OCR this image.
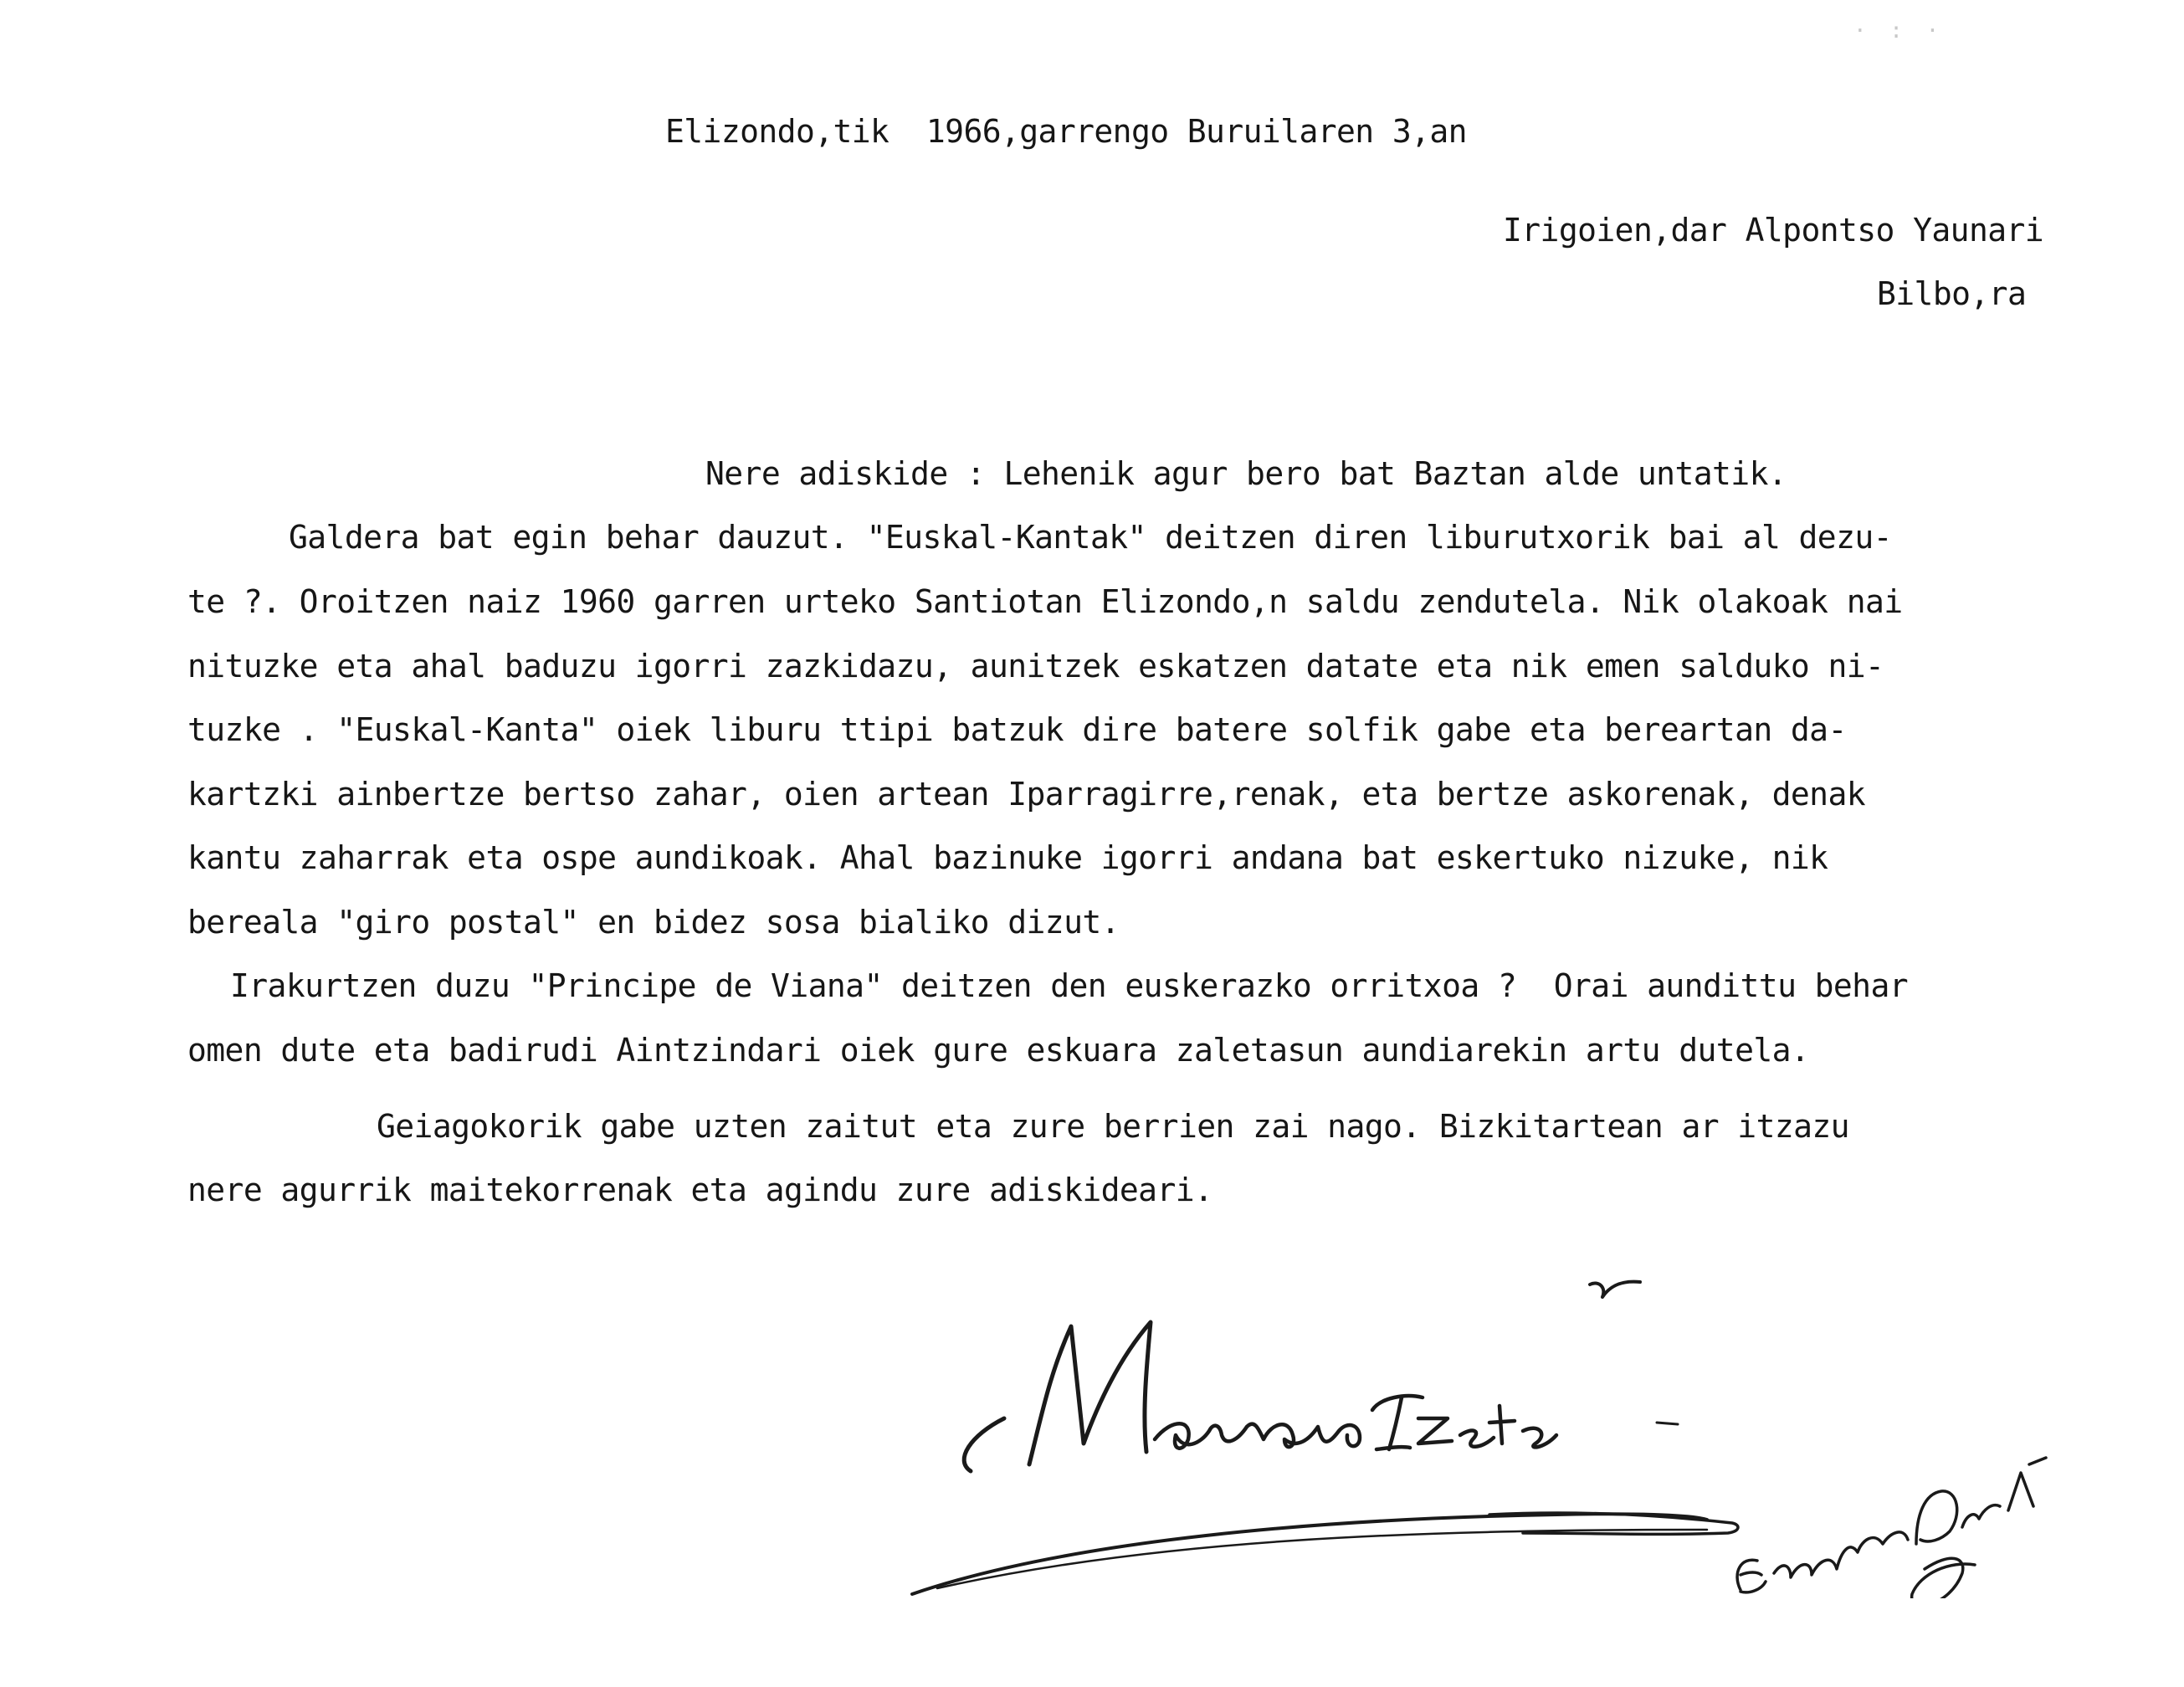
· : ·
Elizondo,tik  1966,garrengo Buruilaren 3,an
Irigoien,dar Alpontso Yaunari
Bilbo,ra
Nere adiskide : Lehenik agur bero bat Baztan alde untatik.
Galdera bat egin behar dauzut. "Euskal-Kantak" deitzen diren liburutxorik bai al dezu-
te ?. Oroitzen naiz 1960 garren urteko Santiotan Elizondo,n saldu zendutela. Nik olakoak nai
nituzke eta ahal baduzu igorri zazkidazu, aunitzek eskatzen datate eta nik emen salduko ni-
tuzke . "Euskal-Kanta" oiek liburu ttipi batzuk dire batere solfik gabe eta bereartan da-
kartzki ainbertze bertso zahar, oien artean Iparragirre,renak, eta bertze askorenak, denak
kantu zaharrak eta ospe aundikoak. Ahal bazinuke igorri andana bat eskertuko nizuke, nik
bereala "giro postal" en bidez sosa bialiko dizut.
Irakurtzen duzu "Principe de Viana" deitzen den euskerazko orritxoa ?  Orai aundittu behar
omen dute eta badirudi Aintzindari oiek gure eskuara zaletasun aundiarekin artu dutela.
Geiagokorik gabe uzten zaitut eta zure berrien zai nago. Bizkitartean ar itzazu
nere agurrik maitekorrenak eta agindu zure adiskideari.
